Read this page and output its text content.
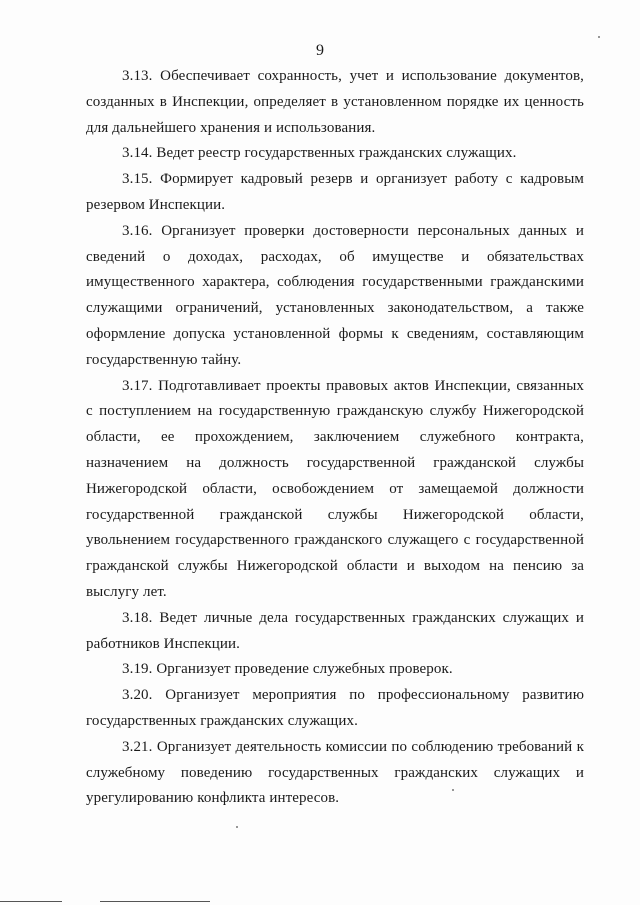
9

3.13. Обеспечивает сохранность, учет и использование документов, созданных в Инспекции, определяет в установленном порядке их ценность для дальнейшего хранения и использования.

3.14. Ведет реестр государственных гражданских служащих.

3.15. Формирует кадровый резерв и организует работу с кадровым резервом Инспекции.

3.16. Организует проверки достоверности персональных данных и сведений о доходах, расходах, об имуществе и обязательствах имущественного характера, соблюдения государственными гражданскими служащими ограничений, установленных законодательством, а также оформление допуска установленной формы к сведениям, составляющим государственную тайну.

3.17. Подготавливает проекты правовых актов Инспекции, связанных с поступлением на государственную гражданскую службу Нижегородской области, ее прохождением, заключением служебного контракта, назначением на должность государственной гражданской службы Нижегородской области, освобождением от замещаемой должности государственной гражданской службы Нижегородской области, увольнением государственного гражданского служащего с государственной гражданской службы Нижегородской области и выходом на пенсию за выслугу лет.

3.18. Ведет личные дела государственных гражданских служащих и работников Инспекции.

3.19. Организует проведение служебных проверок.

3.20. Организует мероприятия по профессиональному развитию государственных гражданских служащих.

3.21. Организует деятельность комиссии по соблюдению требований к служебному поведению государственных гражданских служащих и урегулированию конфликта интересов.
